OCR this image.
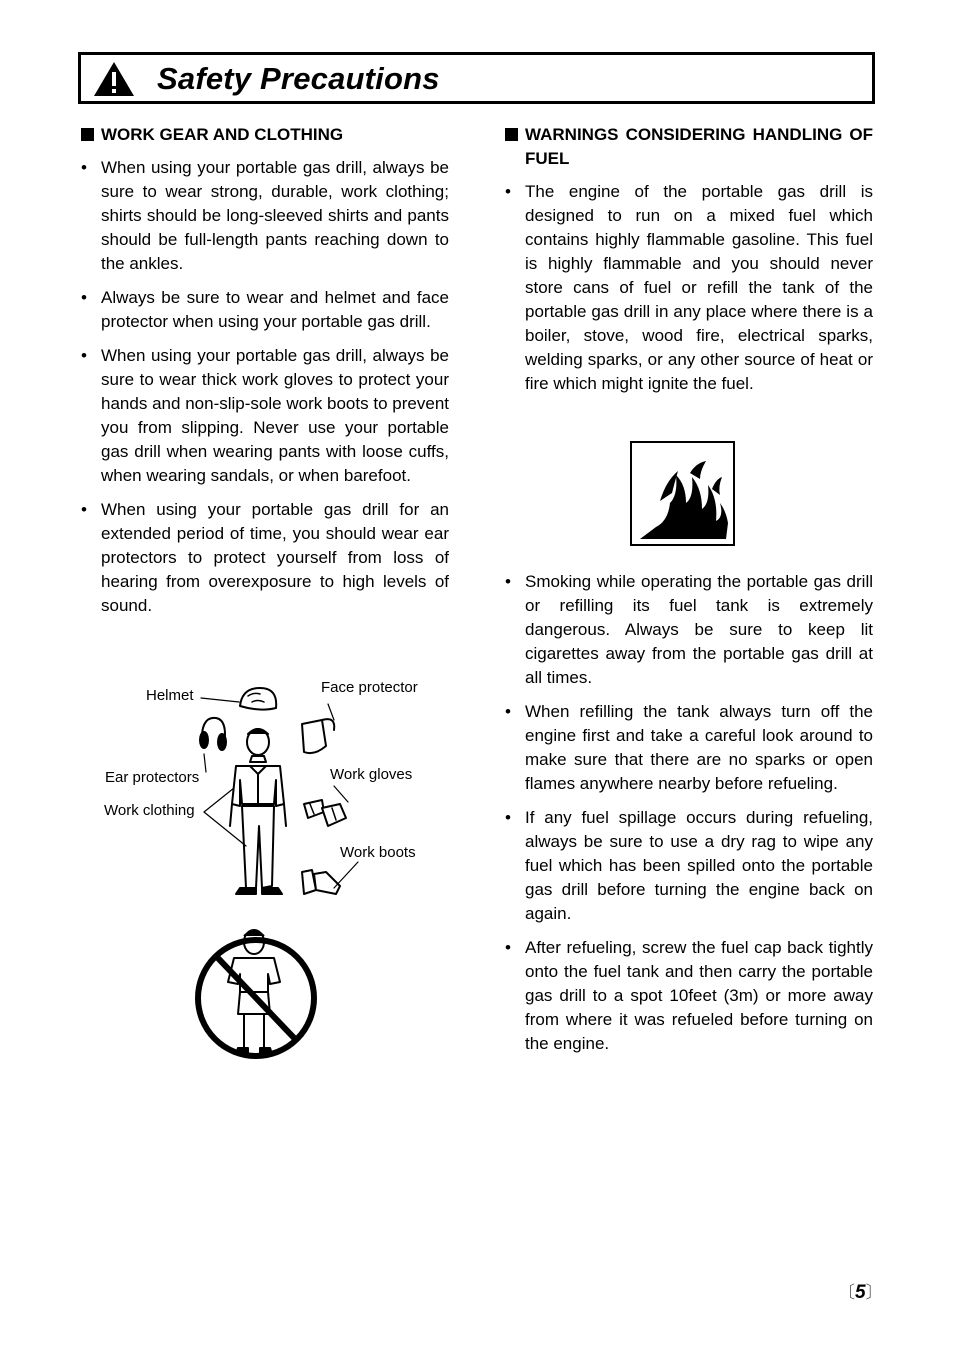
Safety Precautions
WORK GEAR AND CLOTHING
• When using your portable gas drill, always be sure to wear strong, durable, work clothing; shirts should be long-sleeved shirts and pants should be full-length pants reaching down to the ankles.
• Always be sure to wear and helmet and face protector when using your portable gas drill.
• When using your portable gas drill, always be sure to wear thick work gloves to protect your hands and non-slip-sole work boots to prevent you from slipping. Never use your portable gas drill when wearing pants with loose cuffs, when wearing sandals, or when barefoot.
• When using your portable gas drill for an extended period of time, you should wear ear protectors to protect yourself from loss of hearing from overexposure to high levels of sound.
Helmet	Face protector
Ear protectors	Work gloves
Work clothing
Work boots
WARNINGS CONSIDERING HANDLING OF FUEL
• The engine of the portable gas drill is designed to run on a mixed fuel which contains highly flammable gasoline. This fuel is highly flammable and you should never store cans of fuel or refill the tank of the portable gas drill in any place where there is a boiler, stove, wood fire, electrical sparks, welding sparks, or any other source of heat or fire which might ignite the fuel.
• Smoking while operating the portable gas drill or refilling its fuel tank is extremely dangerous. Always be sure to keep lit cigarettes away from the portable gas drill at all times.
• When refilling the tank always turn off the engine first and take a careful look around to make sure that there are no sparks or open flames anywhere nearby before refueling.
• If any fuel spillage occurs during refueling, always be sure to use a dry rag to wipe any fuel which has been spilled onto the portable gas drill before turning the engine back on again.
• After refueling, screw the fuel cap back tightly onto the fuel tank and then carry the portable gas drill to a spot 10feet (3m) or more away from where it was refueled before turning on the engine.
〔5〕
